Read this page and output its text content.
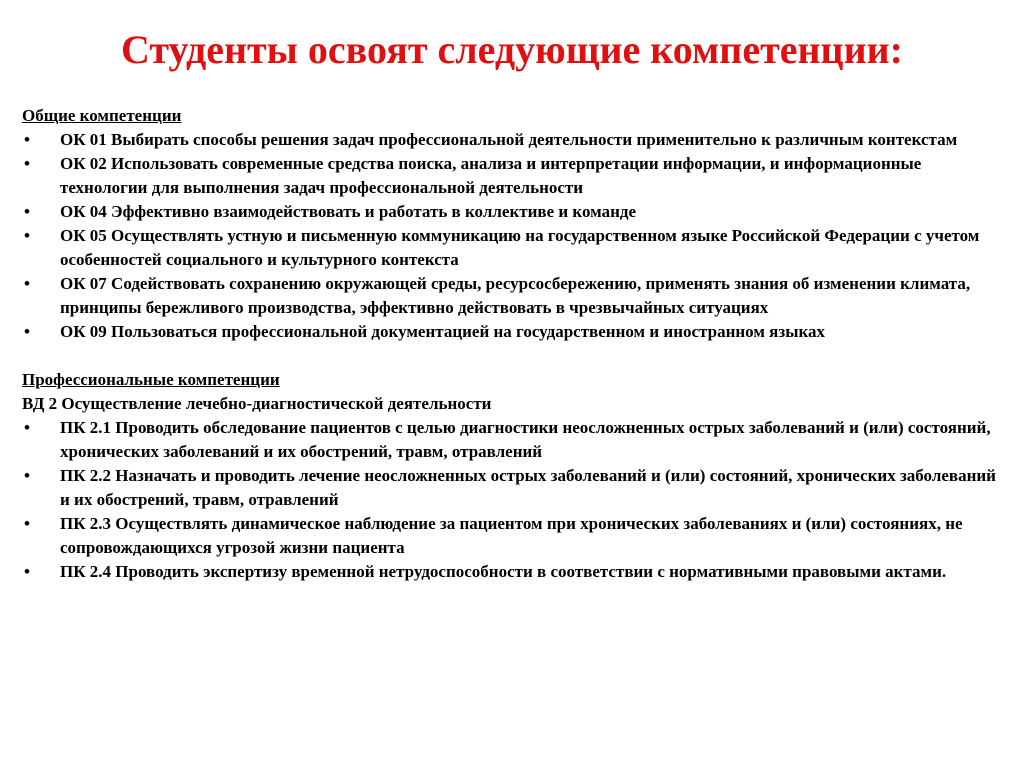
Студенты освоят следующие компетенции:

Общие компетенции

•	ОК 01 Выбирать способы решения задач профессиональной деятельности применительно к различным контекстам
•	ОК 02 Использовать современные средства поиска, анализа и интерпретации информации, и информационные технологии для выполнения задач профессиональной деятельности
•	ОК 04 Эффективно взаимодействовать и работать в коллективе и команде
•	ОК 05 Осуществлять устную и письменную коммуникацию на государственном языке Российской Федерации с учетом особенностей социального и культурного контекста
•	ОК 07 Содействовать сохранению окружающей среды, ресурсосбережению, применять знания об изменении климата, принципы бережливого производства, эффективно действовать в чрезвычайных ситуациях
•	ОК 09 Пользоваться профессиональной документацией на государственном и иностранном языках

Профессиональные компетенции

ВД 2 Осуществление лечебно-диагностической деятельности

•	ПК 2.1 Проводить обследование пациентов с целью диагностики неосложненных острых заболеваний и (или) состояний, хронических заболеваний и их обострений, травм, отравлений
•	ПК 2.2 Назначать и проводить лечение неосложненных острых заболеваний и (или) состояний, хронических заболеваний и их обострений, травм, отравлений
•	ПК 2.3 Осуществлять динамическое наблюдение за пациентом при хронических заболеваниях и (или) состояниях, не сопровождающихся угрозой жизни пациента
•	ПК 2.4 Проводить экспертизу временной нетрудоспособности в соответствии с нормативными правовыми актами.
